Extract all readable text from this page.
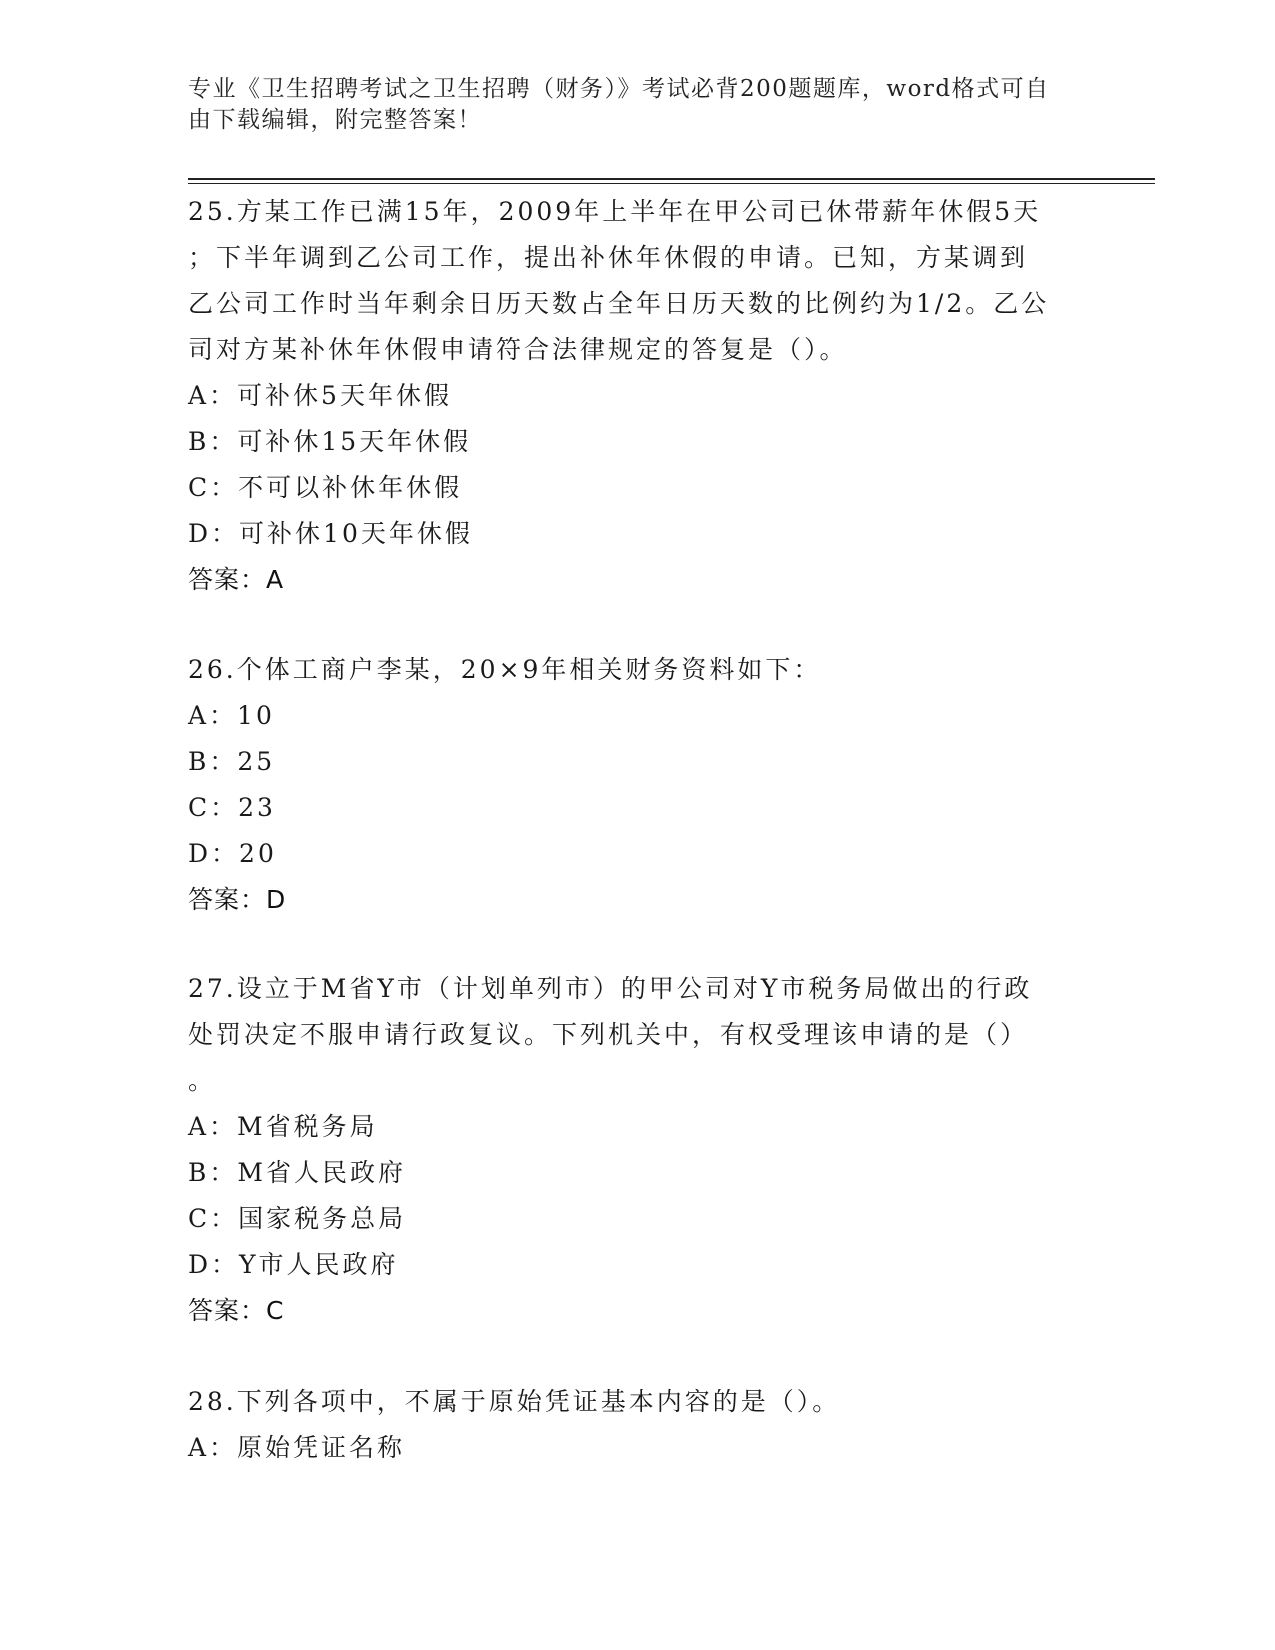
专业《卫生招聘考试之卫生招聘（财务）》考试必背200题题库，word格式可自
由下载编辑，附完整答案！

25.方某工作已满15年，2009年上半年在甲公司已休带薪年休假5天

；下半年调到乙公司工作，提出补休年休假的申请。已知，方某调到

乙公司工作时当年剩余日历天数占全年日历天数的比例约为1/2。乙公

司对方某补休年休假申请符合法律规定的答复是（）。

A：可补休5天年休假

B：可补休15天年休假

C：不可以补休年休假

D：可补休10天年休假

答案：A

26.个体工商户李某，20×9年相关财务资料如下：

A：10

B：25

C：23

D：20

答案：D

27.设立于M省Y市（计划单列市）的甲公司对Y市税务局做出的行政

处罚决定不服申请行政复议。下列机关中，有权受理该申请的是（）

。

A：M省税务局

B：M省人民政府

C：国家税务总局

D：Y市人民政府

答案：C

28.下列各项中，不属于原始凭证基本内容的是（）。

A：原始凭证名称
